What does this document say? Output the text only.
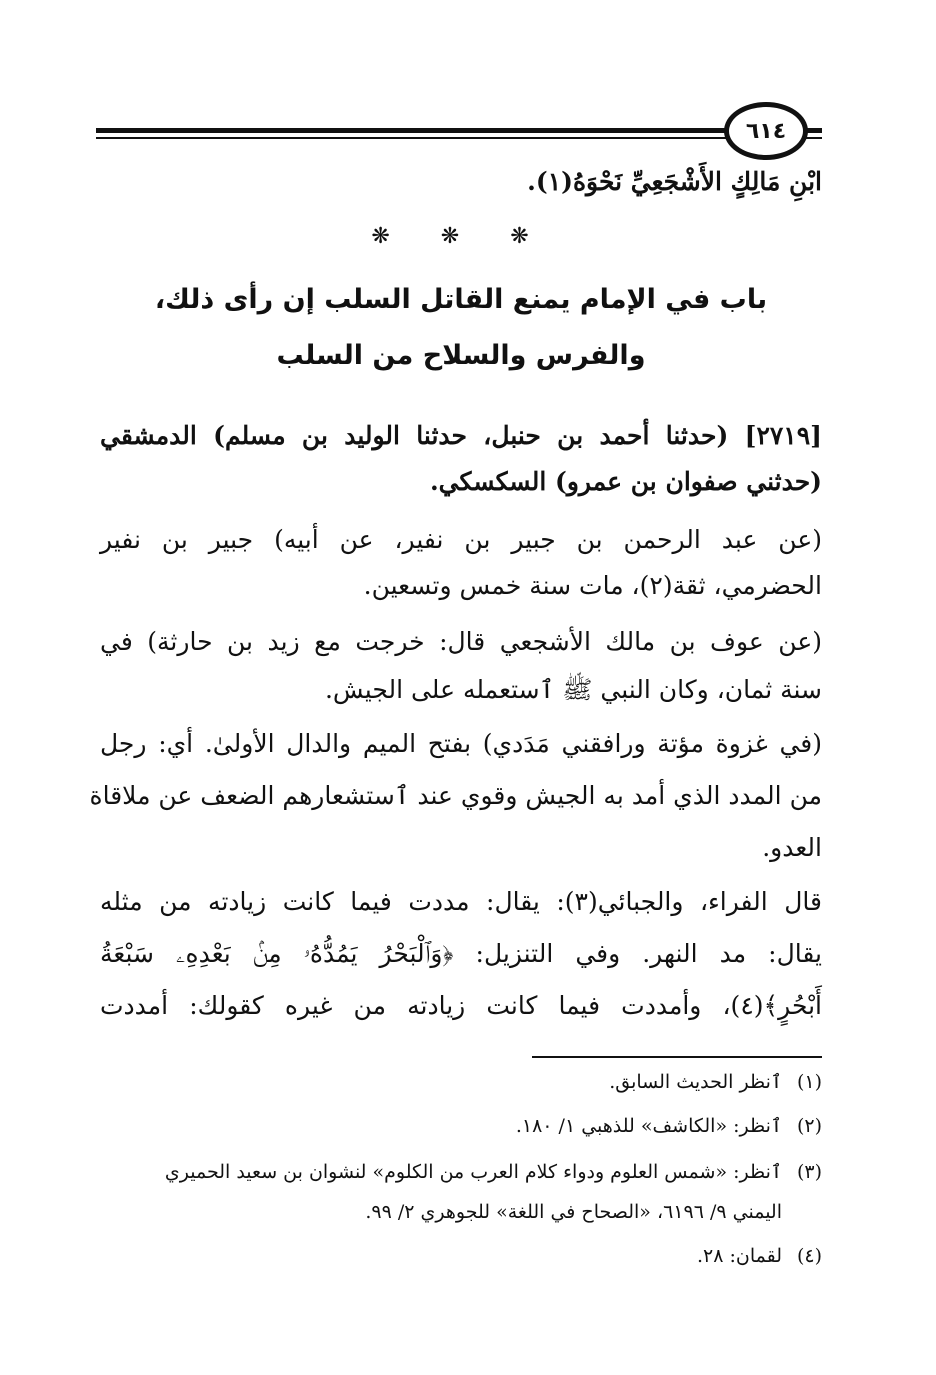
٦١٤
ابْنِ مَالِكٍ الأَشْجَعِيِّ نَحْوَهُ(١).
❋ ❋ ❋
باب في الإمام يمنع القاتل السلب إن رأى ذلك،
والفرس والسلاح من السلب
[٢٧١٩] (حدثنا أحمد بن حنبل، حدثنا الوليد بن مسلم) الدمشقي
(حدثني صفوان بن عمرو) السكسكي.
(عن عبد الرحمن بن جبير بن نفير، عن أبيه) جبير بن نفير
الحضرمي، ثقة(٢)، مات سنة خمس وتسعين.
(عن عوف بن مالك الأشجعي قال: خرجت مع زيد بن حارثة) في
سنة ثمان، وكان النبي ﷺ ٱستعمله على الجيش.
(في غزوة مؤتة ورافقني مَدَدي) بفتح الميم والدال الأولىٰ. أي: رجل
من المدد الذي أمد به الجيش وقوي عند ٱستشعارهم الضعف عن ملاقاة
العدو.
قال الفراء، والجبائي(٣): يقال: مددت فيما كانت زيادته من مثله
يقال: مد النهر. وفي التنزيل: ﴿وَٱلْبَحْرُ يَمُدُّهُۥ مِنۢ بَعْدِهِۦ سَبْعَةُ
أَبْحُرٍ﴾(٤)، وأمددت فيما كانت زيادته من غيره كقولك: أمددت
(١)ٱنظر الحديث السابق.
(٢)ٱنظر: «الكاشف» للذهبي ١/ ١٨٠.
(٣)ٱنظر: «شمس العلوم ودواء كلام العرب من الكلوم» لنشوان بن سعيد الحميري
اليمني ٩/ ٦١٩٦، «الصحاح في اللغة» للجوهري ٢/ ٩٩.
(٤)لقمان: ٢٨.
